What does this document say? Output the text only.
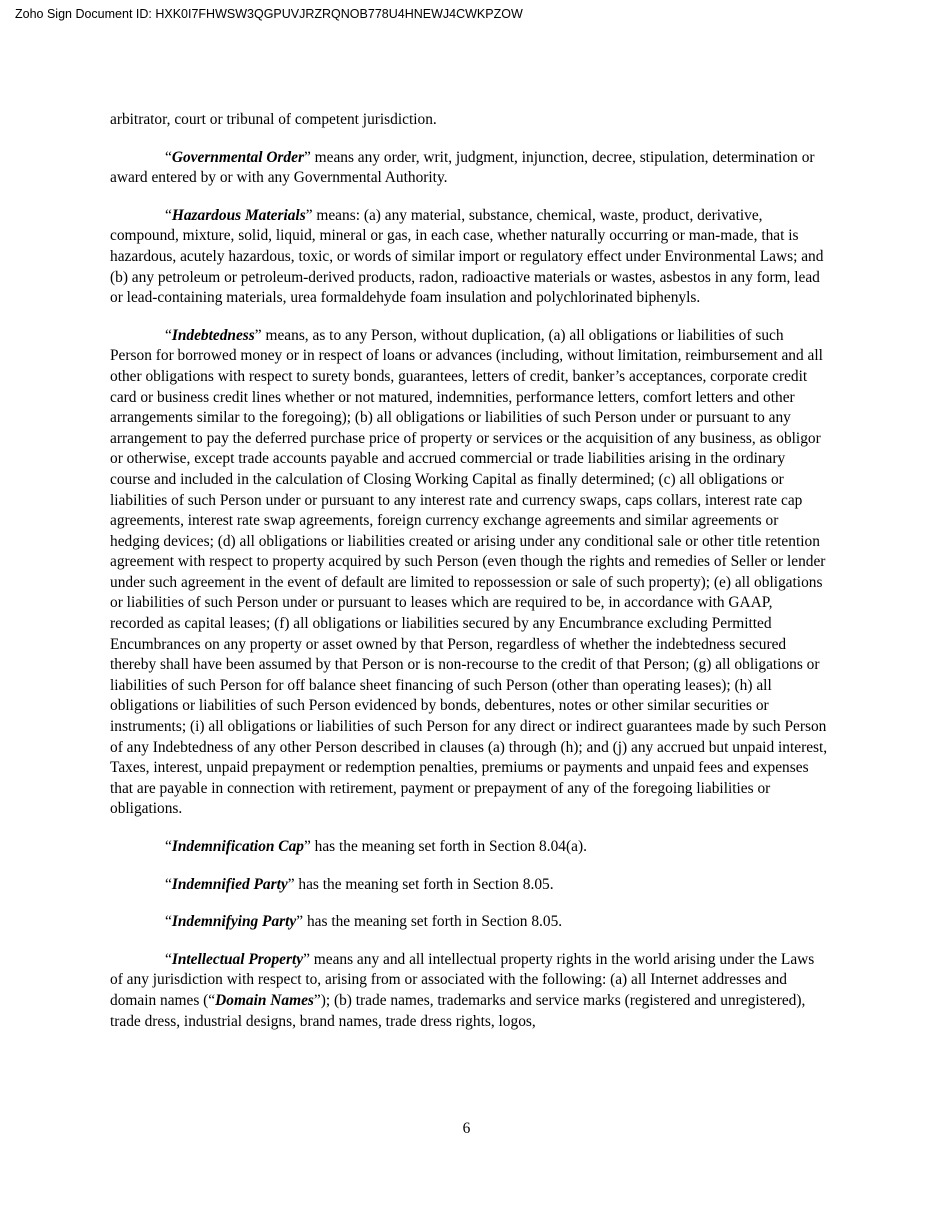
Zoho Sign Document ID: HXK0I7FHWSW3QGPUVJRZRQNOB778U4HNEWJ4CWKPZOW

arbitrator, court or tribunal of competent jurisdiction.

“Governmental Order” means any order, writ, judgment, injunction, decree, stipulation, determination or award entered by or with any Governmental Authority.

“Hazardous Materials” means: (a) any material, substance, chemical, waste, product, derivative, compound, mixture, solid, liquid, mineral or gas, in each case, whether naturally occurring or man-made, that is hazardous, acutely hazardous, toxic, or words of similar import or regulatory effect under Environmental Laws; and (b) any petroleum or petroleum-derived products, radon, radioactive materials or wastes, asbestos in any form, lead or lead-containing materials, urea formaldehyde foam insulation and polychlorinated biphenyls.

“Indebtedness” means, as to any Person, without duplication, (a) all obligations or liabilities of such Person for borrowed money or in respect of loans or advances (including, without limitation, reimbursement and all other obligations with respect to surety bonds, guarantees, letters of credit, banker’s acceptances, corporate credit card or business credit lines whether or not matured, indemnities, performance letters, comfort letters and other arrangements similar to the foregoing); (b) all obligations or liabilities of such Person under or pursuant to any arrangement to pay the deferred purchase price of property or services or the acquisition of any business, as obligor or otherwise, except trade accounts payable and accrued commercial or trade liabilities arising in the ordinary course and included in the calculation of Closing Working Capital as finally determined; (c) all obligations or liabilities of such Person under or pursuant to any interest rate and currency swaps, caps collars, interest rate cap agreements, interest rate swap agreements, foreign currency exchange agreements and similar agreements or hedging devices; (d) all obligations or liabilities created or arising under any conditional sale or other title retention agreement with respect to property acquired by such Person (even though the rights and remedies of Seller or lender under such agreement in the event of default are limited to repossession or sale of such property); (e) all obligations or liabilities of such Person under or pursuant to leases which are required to be, in accordance with GAAP, recorded as capital leases; (f) all obligations or liabilities secured by any Encumbrance excluding Permitted Encumbrances on any property or asset owned by that Person, regardless of whether the indebtedness secured thereby shall have been assumed by that Person or is non-recourse to the credit of that Person; (g) all obligations or liabilities of such Person for off balance sheet financing of such Person (other than operating leases); (h) all obligations or liabilities of such Person evidenced by bonds, debentures, notes or other similar securities or instruments; (i) all obligations or liabilities of such Person for any direct or indirect guarantees made by such Person of any Indebtedness of any other Person described in clauses (a) through (h); and (j) any accrued but unpaid interest, Taxes, interest, unpaid prepayment or redemption penalties, premiums or payments and unpaid fees and expenses that are payable in connection with retirement, payment or prepayment of any of the foregoing liabilities or obligations.

“Indemnification Cap” has the meaning set forth in Section 8.04(a).

“Indemnified Party” has the meaning set forth in Section 8.05.

“Indemnifying Party” has the meaning set forth in Section 8.05.

“Intellectual Property” means any and all intellectual property rights in the world arising under the Laws of any jurisdiction with respect to, arising from or associated with the following: (a) all Internet addresses and domain names (“Domain Names”); (b) trade names, trademarks and service marks (registered and unregistered), trade dress, industrial designs, brand names, trade dress rights, logos,

6
